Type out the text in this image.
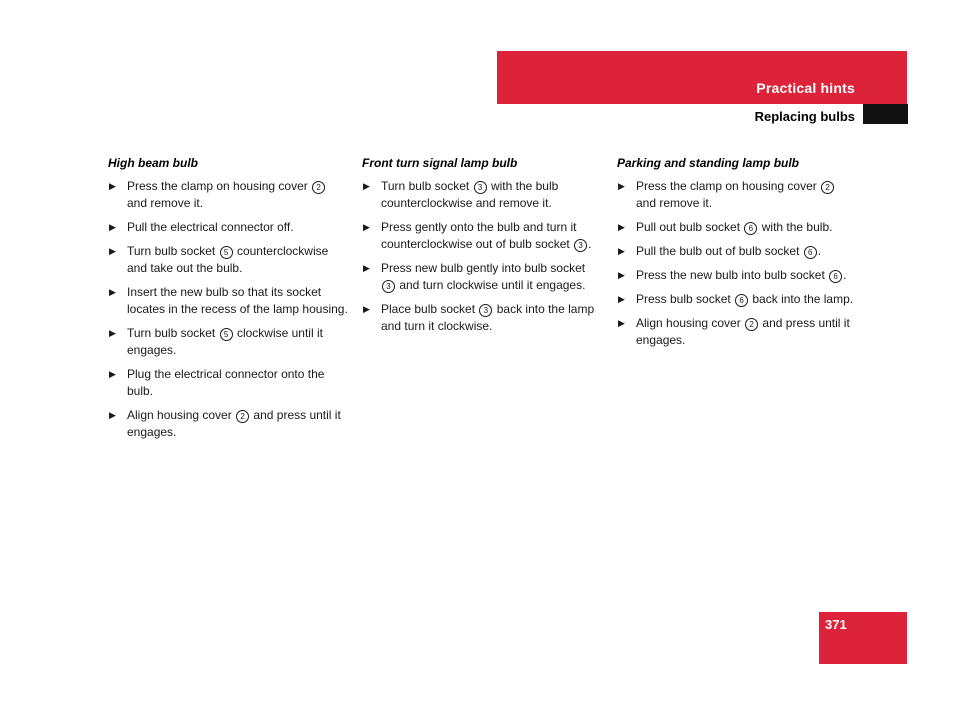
Practical hints
Replacing bulbs
High beam bulb
▶ Press the clamp on housing cover 2 and remove it.
▶ Pull the electrical connector off.
▶ Turn bulb socket 5 counterclockwise and take out the bulb.
▶ Insert the new bulb so that its socket locates in the recess of the lamp housing.
▶ Turn bulb socket 5 clockwise until it engages.
▶ Plug the electrical connector onto the bulb.
▶ Align housing cover 2 and press until it engages.
Front turn signal lamp bulb
▶ Turn bulb socket 3 with the bulb counterclockwise and remove it.
▶ Press gently onto the bulb and turn it counterclockwise out of bulb socket 3 .
▶ Press new bulb gently into bulb socket 3 and turn clockwise until it engages.
▶ Place bulb socket 3 back into the lamp and turn it clockwise.
Parking and standing lamp bulb
▶ Press the clamp on housing cover 2 and remove it.
▶ Pull out bulb socket 6 with the bulb.
▶ Pull the bulb out of bulb socket 6 .
▶ Press the new bulb into bulb socket 6 .
▶ Press bulb socket 6 back into the lamp.
▶ Align housing cover 2 and press until it engages.
371
